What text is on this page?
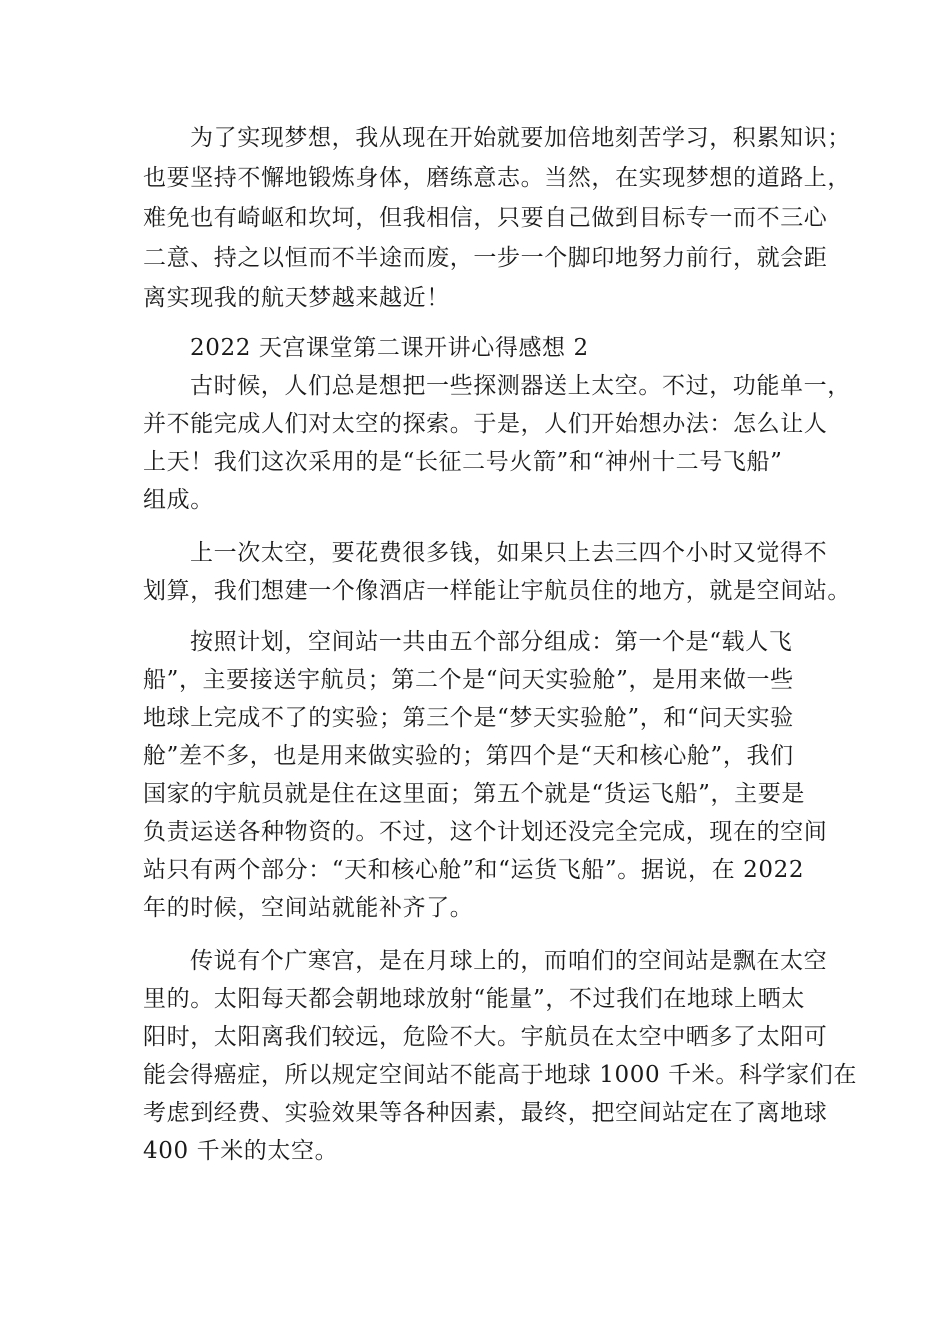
为了实现梦想，我从现在开始就要加倍地刻苦学习，积累知识；
也要坚持不懈地锻炼身体，磨练意志。当然，在实现梦想的道路上，
难免也有崎岖和坎坷，但我相信，只要自己做到目标专一而不三心
二意、持之以恒而不半途而废，一步一个脚印地努力前行，就会距
离实现我的航天梦越来越近！
2022 天宫课堂第二课开讲心得感想 2
古时候，人们总是想把一些探测器送上太空。不过，功能单一，
并不能完成人们对太空的探索。于是，人们开始想办法：怎么让人
上天！我们这次采用的是“长征二号火箭”和“神州十二号飞船”
组成。
上一次太空，要花费很多钱，如果只上去三四个小时又觉得不
划算，我们想建一个像酒店一样能让宇航员住的地方，就是空间站。
按照计划，空间站一共由五个部分组成：第一个是“载人飞
船”，主要接送宇航员；第二个是“问天实验舱”，是用来做一些
地球上完成不了的实验；第三个是“梦天实验舱”，和“问天实验
舱”差不多，也是用来做实验的；第四个是“天和核心舱”，我们
国家的宇航员就是住在这里面；第五个就是“货运飞船”，主要是
负责运送各种物资的。不过，这个计划还没完全完成，现在的空间
站只有两个部分：“天和核心舱”和“运货飞船”。据说，在 2022
年的时候，空间站就能补齐了。
传说有个广寒宫，是在月球上的，而咱们的空间站是飘在太空
里的。太阳每天都会朝地球放射“能量”，不过我们在地球上晒太
阳时，太阳离我们较远，危险不大。宇航员在太空中晒多了太阳可
能会得癌症，所以规定空间站不能高于地球 1000 千米。科学家们在
考虑到经费、实验效果等各种因素，最终，把空间站定在了离地球
400 千米的太空。
